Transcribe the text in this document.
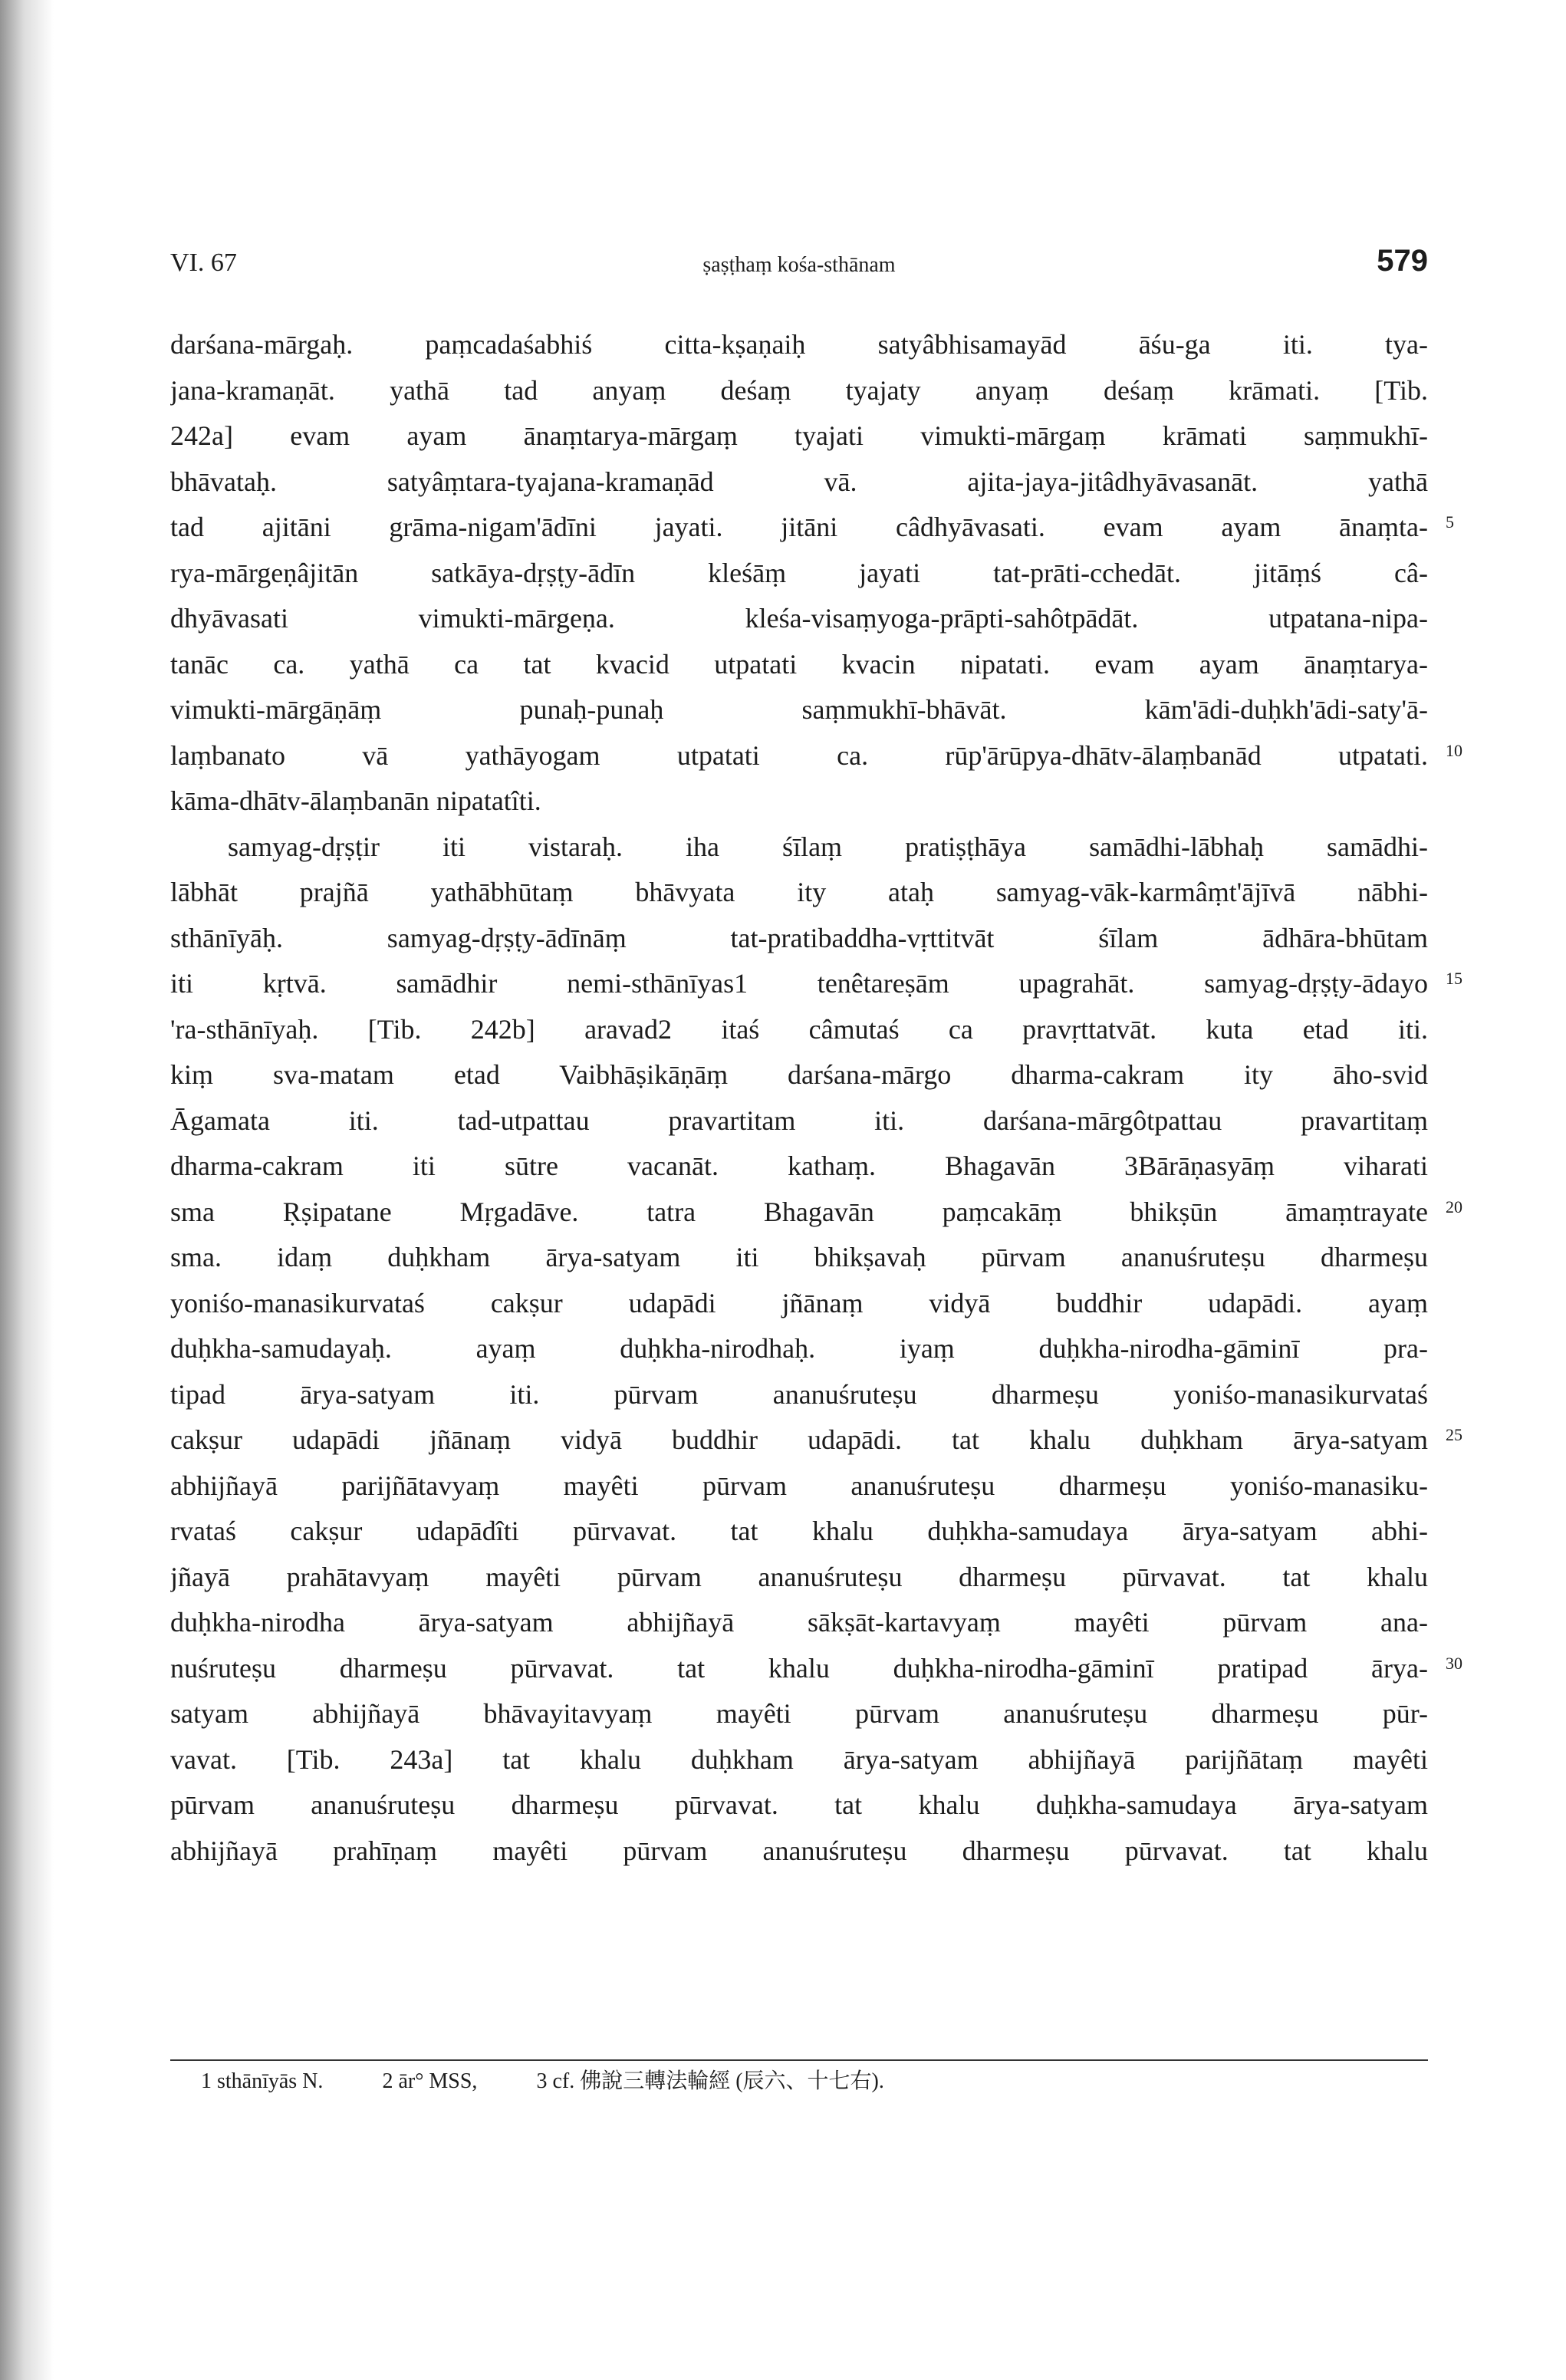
VI. 67	ṣaṣṭhaṃ kośa-sthānam	579
darśana-mārgaḥ. paṃcadaśabhiś citta-kṣaṇaiḥ satyâbhisamayād āśu-ga iti. tya-
jana-kramaṇāt. yathā tad anyaṃ deśaṃ tyajaty anyaṃ deśaṃ krāmati. [Tib.
242a] evam ayam ānaṃtarya-mārgaṃ tyajati vimukti-mārgaṃ krāmati saṃmukhī-
bhāvataḥ. satyâṃtara-tyajana-kramaṇād vā. ajita-jaya-jitâdhyāvasanāt. yathā
tad ajitāni grāma-nigam'ādīni jayati. jitāni câdhyāvasati. evam ayam ānaṃta-
rya-mārgeṇâjitān satkāya-dṛṣṭy-ādīn kleśāṃ jayati tat-prāti-cchedāt. jitāṃś câ-
dhyāvasati vimukti-mārgeṇa. kleśa-visaṃyoga-prāpti-sahôtpādāt. utpatana-nipa-
tanāc ca. yathā ca tat kvacid utpatati kvacin nipatati. evam ayam ānaṃtarya-
vimukti-mārgāṇāṃ punaḥ-punaḥ saṃmukhī-bhāvāt. kām'ādi-duḥkh'ādi-saty'ā-
laṃbanato vā yathāyogam utpatati ca. rūp'ārūpya-dhātv-ālaṃbanād utpatati.
kāma-dhātv-ālaṃbanān nipatatîti.
samyag-dṛṣṭir iti vistaraḥ. iha śīlaṃ pratiṣṭhāya samādhi-lābhaḥ samādhi-
lābhāt prajñā yathābhūtaṃ bhāvyata ity ataḥ samyag-vāk-karmâṃt'ājīvā nābhi-
sthānīyāḥ. samyag-dṛṣṭy-ādīnāṃ tat-pratibaddha-vṛttitvāt śīlam ādhāra-bhūtam
iti kṛtvā. samādhir nemi-sthānīyas1 tenêtareṣām upagrahāt. samyag-dṛṣṭy-ādayo
'ra-sthānīyaḥ. [Tib. 242b] aravad2 itaś câmutaś ca pravṛttatvāt. kuta etad iti.
kiṃ sva-matam etad Vaibhāṣikāṇāṃ darśana-mārgo dharma-cakram ity āho-svid
Āgamata iti. tad-utpattau pravartitam iti. darśana-mārgôtpattau pravartitaṃ
dharma-cakram iti sūtre vacanāt. kathaṃ. Bhagavān 3Bārāṇasyāṃ viharati
sma Ṛṣipatane Mṛgadāve. tatra Bhagavān paṃcakāṃ bhikṣūn āmaṃtrayate
sma. idaṃ duḥkham ārya-satyam iti bhikṣavaḥ pūrvam ananuśruteṣu dharmeṣu
yoniśo-manasikurvataś cakṣur udapādi jñānaṃ vidyā buddhir udapādi. ayaṃ
duḥkha-samudayaḥ. ayaṃ duḥkha-nirodhaḥ. iyaṃ duḥkha-nirodha-gāminī pra-
tipad ārya-satyam iti. pūrvam ananuśruteṣu dharmeṣu yoniśo-manasikurvataś
cakṣur udapādi jñānaṃ vidyā buddhir udapādi. tat khalu duḥkham ārya-satyam
abhijñayā parijñātavyaṃ mayêti pūrvam ananuśruteṣu dharmeṣu yoniśo-manasiku-
rvataś cakṣur udapādîti pūrvavat. tat khalu duḥkha-samudaya ārya-satyam abhi-
jñayā prahātavyaṃ mayêti pūrvam ananuśruteṣu dharmeṣu pūrvavat. tat khalu
duḥkha-nirodha ārya-satyam abhijñayā sākṣāt-kartavyaṃ mayêti pūrvam ana-
nuśruteṣu dharmeṣu pūrvavat. tat khalu duḥkha-nirodha-gāminī pratipad ārya-
satyam abhijñayā bhāvayitavyaṃ mayêti pūrvam ananuśruteṣu dharmeṣu pūr-
vavat. [Tib. 243a] tat khalu duḥkham ārya-satyam abhijñayā parijñātaṃ mayêti
pūrvam ananuśruteṣu dharmeṣu pūrvavat. tat khalu duḥkha-samudaya ārya-satyam
abhijñayā prahīṇaṃ mayêti pūrvam ananuśruteṣu dharmeṣu pūrvavat. tat khalu
5
10
15
20
25
30
1 sthānīyās N.	2 ār° MSS,	3 cf. 佛說三轉法輪經 (辰六、十七右).
